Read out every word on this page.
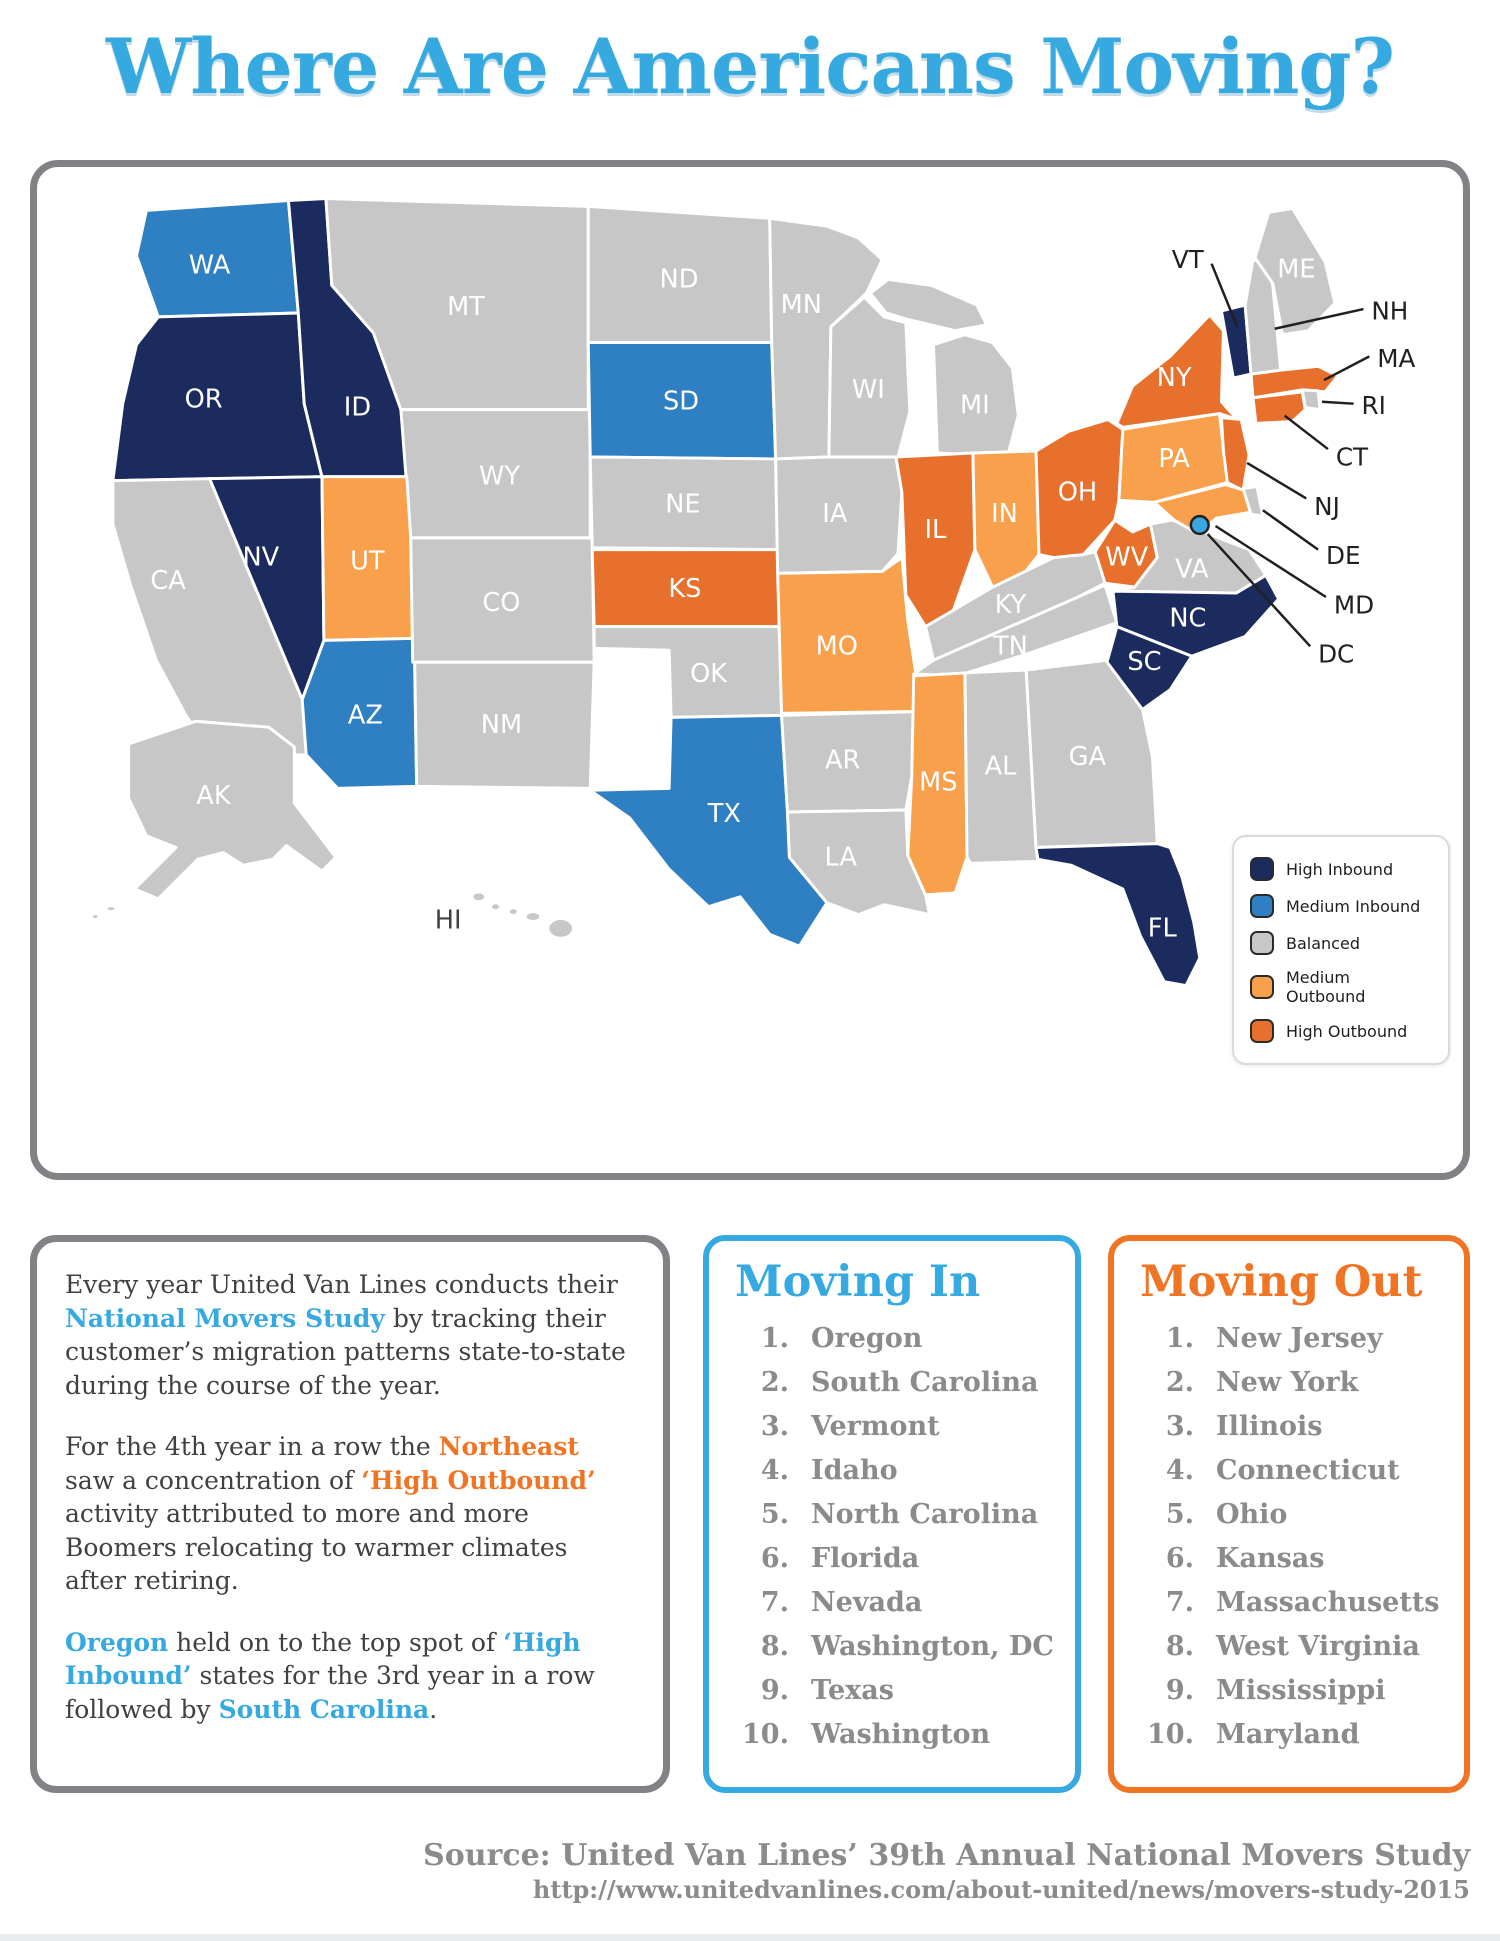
Where Are Americans Moving?
WA
OR	ID
MT
ND
SD
MN
WI
MI
WY
NV	UT
CO
NE	IA
KS
MO
IL
IN
OH
WV
KY
TN
VA
CA
AZ	NM
OK
AR
LA
MS
AL GA
TX
NC
SC
FL
NY
PA
ME
AK
HI
VT
NH
MA
RI
CT
NJ
DE
MD
DC
High Inbound
Medium Inbound
Balanced
Medium Outbound
High Outbound

Every year United Van Lines conducts their National Movers Study by tracking their customer’s migration patterns state-to-state during the course of the year.

For the 4th year in a row the Northeast saw a concentration of ‘High Outbound’ activity attributed to more and more Boomers relocating to warmer climates after retiring.

Oregon held on to the top spot of ‘High Inbound’ states for the 3rd year in a row followed by South Carolina.

Moving In
1. Oregon
2. South Carolina
3. Vermont
4. Idaho
5. North Carolina
6. Florida
7. Nevada
8. Washington, DC
9. Texas
10. Washington
Moving Out
1. New Jersey
2. New York
3. Illinois
4. Connecticut
5. Ohio
6. Kansas
7. Massachusetts
8. West Virginia
9. Mississippi
10. Maryland
Source: United Van Lines’ 39th Annual National Movers Study
http://www.unitedvanlines.com/about-united/news/movers-study-2015
